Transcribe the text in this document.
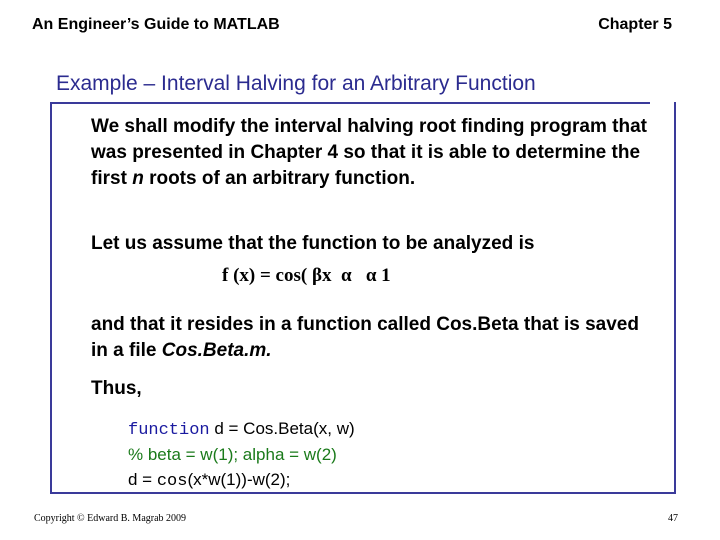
An Engineer’s Guide to MATLAB	Chapter 5
Example – Interval Halving for an Arbitrary Function
We shall modify the interval halving root finding program that was presented in Chapter 4 so that it is able to determine the first n roots of an arbitrary function.
Let us assume that the function to be analyzed is
f (x) = cos( βx  α   α 1
and that it resides in a function called Cos.Beta that is saved in a file Cos.Beta.m.
Thus,
function d = Cos.Beta(x, w)
% beta = w(1); alpha = w(2)
d = cos(x*w(1))-w(2);
Copyright © Edward B. Magrab 2009	47
